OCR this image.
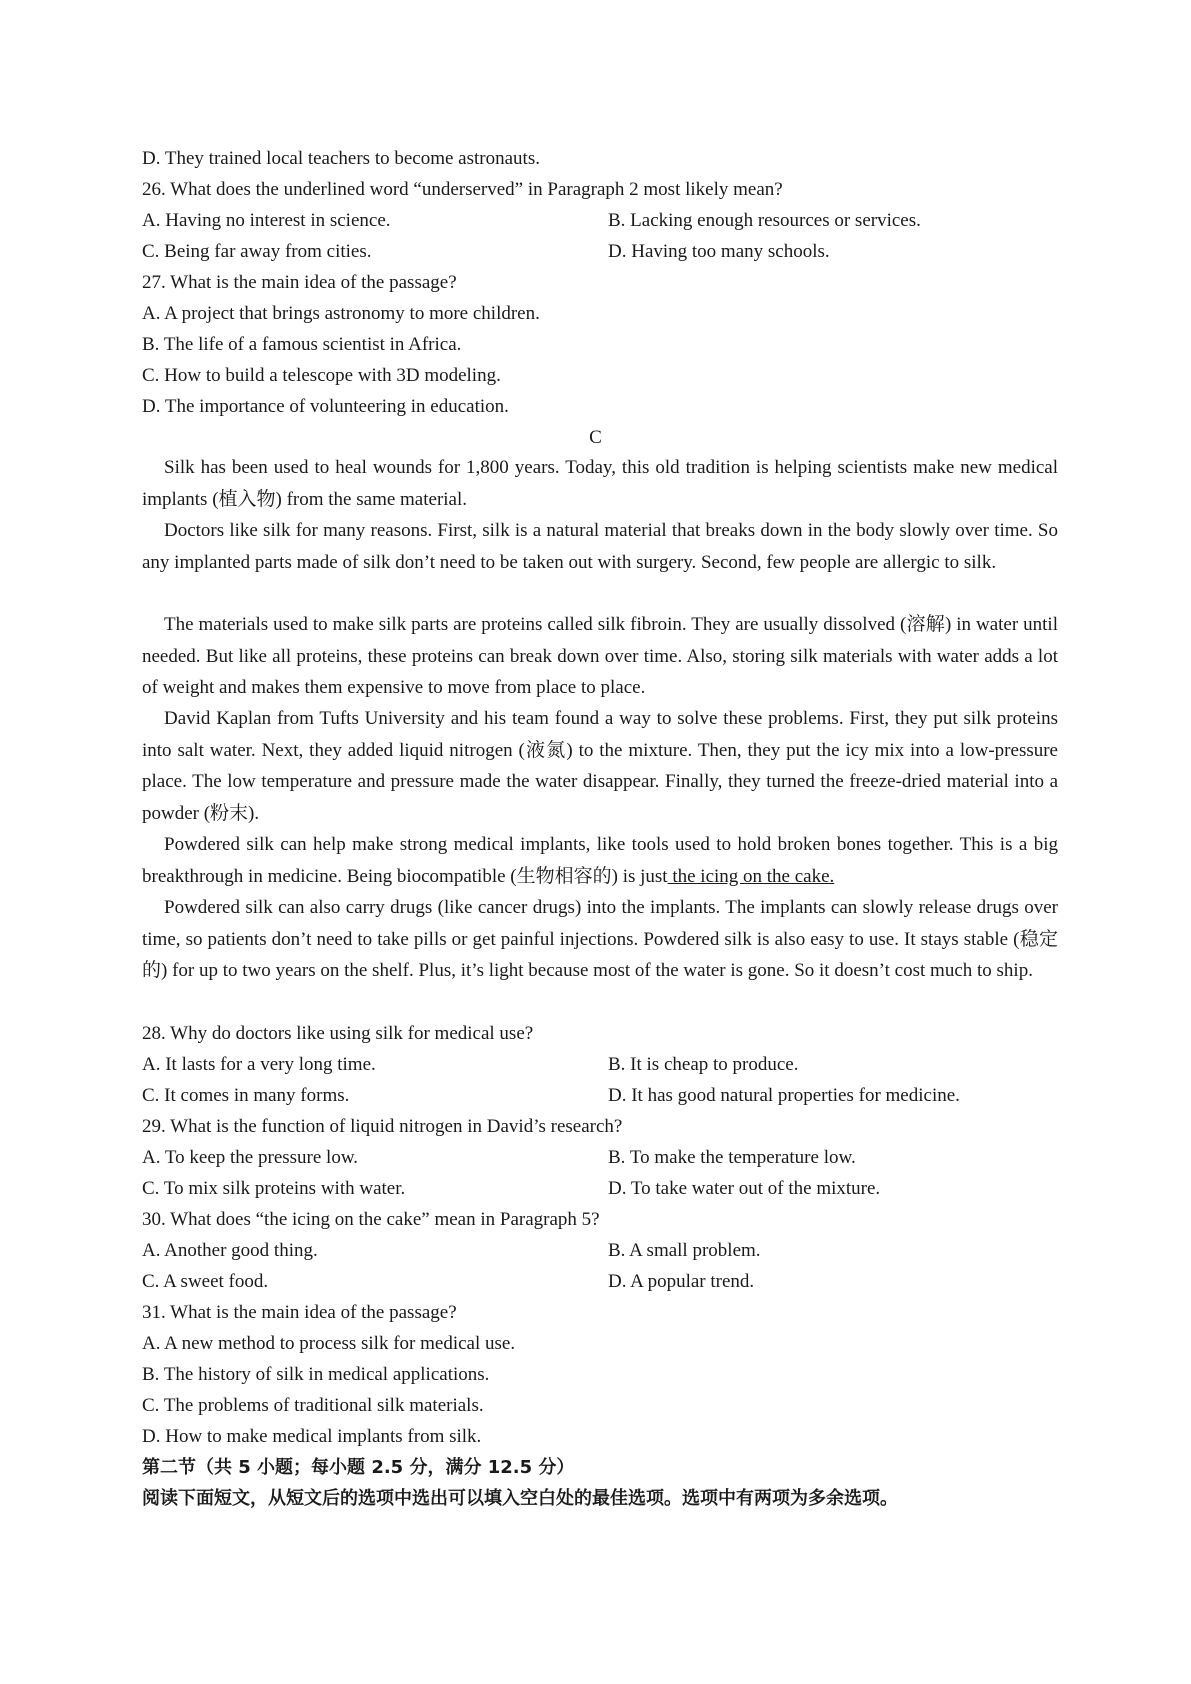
D. They trained local teachers to become astronauts.
26. What does the underlined word “underserved” in Paragraph 2 most likely mean?
A. Having no interest in science.	B. Lacking enough resources or services.
C. Being far away from cities.	D. Having too many schools.
27. What is the main idea of the passage?
A. A project that brings astronomy to more children.
B. The life of a famous scientist in Africa.
C. How to build a telescope with 3D modeling.
D. The importance of volunteering in education.
C
Silk has been used to heal wounds for 1,800 years. Today, this old tradition is helping scientists make new medical implants (植入物) from the same material.
Doctors like silk for many reasons. First, silk is a natural material that breaks down in the body slowly over time. So any implanted parts made of silk don’t need to be taken out with surgery. Second, few people are allergic to silk.
The materials used to make silk parts are proteins called silk fibroin. They are usually dissolved (溶解) in water until needed. But like all proteins, these proteins can break down over time. Also, storing silk materials with water adds a lot of weight and makes them expensive to move from place to place.
David Kaplan from Tufts University and his team found a way to solve these problems. First, they put silk proteins into salt water. Next, they added liquid nitrogen (液氮) to the mixture. Then, they put the icy mix into a low-pressure place. The low temperature and pressure made the water disappear. Finally, they turned the freeze-dried material into a powder (粉末).
Powdered silk can help make strong medical implants, like tools used to hold broken bones together. This is a big breakthrough in medicine. Being biocompatible (生物相容的) is just the icing on the cake.
Powdered silk can also carry drugs (like cancer drugs) into the implants. The implants can slowly release drugs over time, so patients don’t need to take pills or get painful injections. Powdered silk is also easy to use. It stays stable (稳定的) for up to two years on the shelf. Plus, it’s light because most of the water is gone. So it doesn’t cost much to ship.
28. Why do doctors like using silk for medical use?
A. It lasts for a very long time.	B. It is cheap to produce.
C. It comes in many forms.	D. It has good natural properties for medicine.
29. What is the function of liquid nitrogen in David’s research?
A. To keep the pressure low.	B. To make the temperature low.
C. To mix silk proteins with water.	D. To take water out of the mixture.
30. What does “the icing on the cake” mean in Paragraph 5?
A. Another good thing.	B. A small problem.
C. A sweet food.	D. A popular trend.
31. What is the main idea of the passage?
A. A new method to process silk for medical use.
B. The history of silk in medical applications.
C. The problems of traditional silk materials.
D. How to make medical implants from silk.
第二节（共 5 小题；每小题 2.5 分，满分 12.5 分）
阅读下面短文，从短文后的选项中选出可以填入空白处的最佳选项。选项中有两项为多余选项。
